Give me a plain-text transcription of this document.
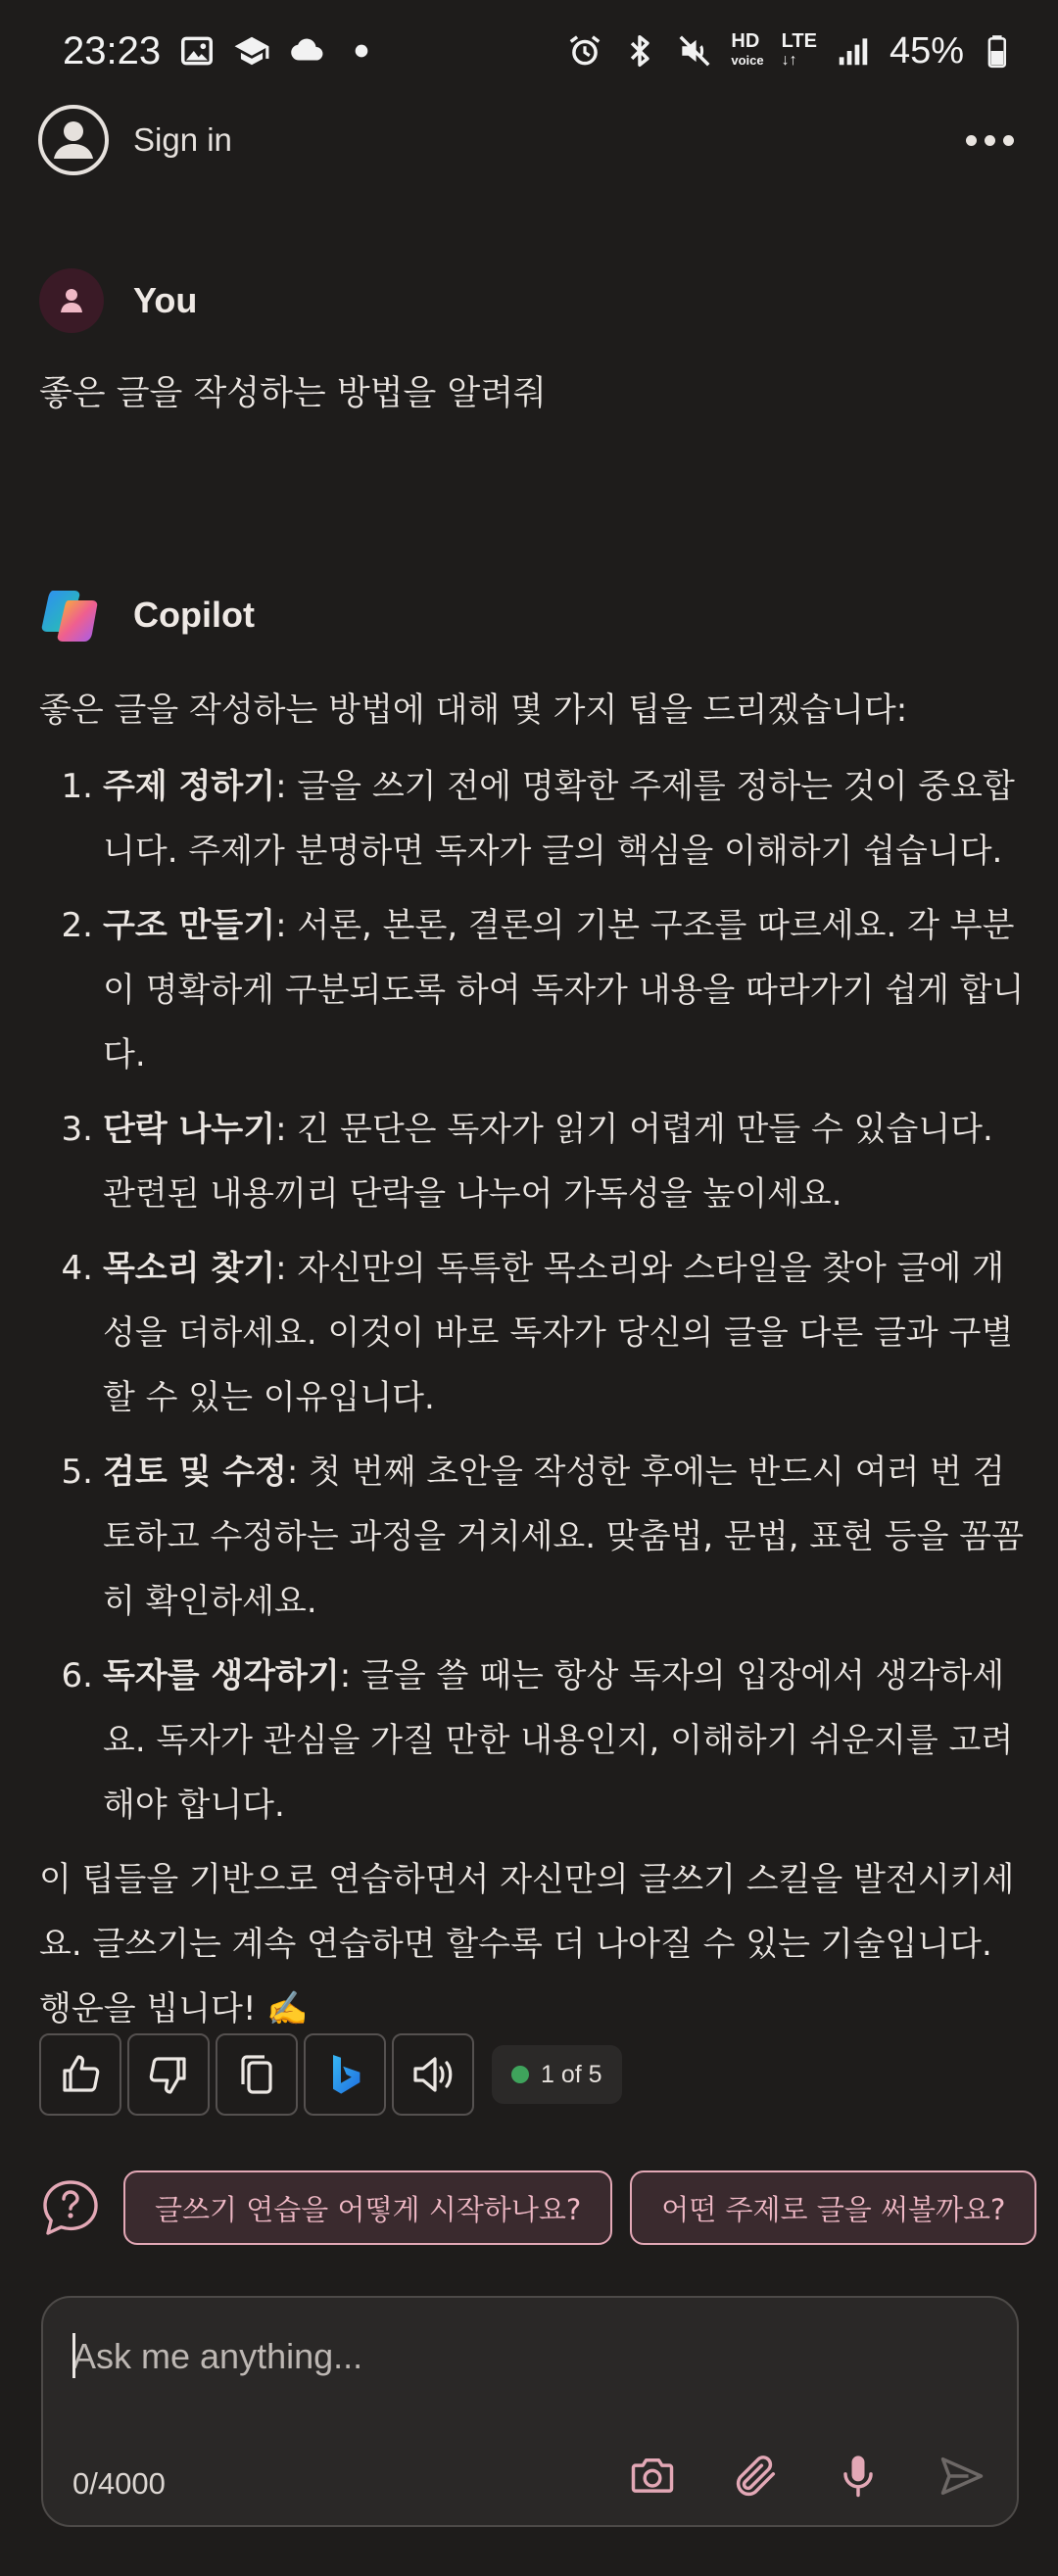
23:23	HD
voice
LTE
↓↑	45%
Sign in
You
좋은 글을 작성하는 방법을 알려줘
Copilot
좋은 글을 작성하는 방법에 대해 몇 가지 팁을 드리겠습니다:
1. 주제 정하기: 글을 쓰기 전에 명확한 주제를 정하는 것이 중요합니다. 주제가 분명하면 독자가 글의 핵심을 이해하기 쉽습니다.
2. 구조 만들기: 서론, 본론, 결론의 기본 구조를 따르세요. 각 부분이 명확하게 구분되도록 하여 독자가 내용을 따라가기 쉽게 합니다.
3. 단락 나누기: 긴 문단은 독자가 읽기 어렵게 만들 수 있습니다. 관련된 내용끼리 단락을 나누어 가독성을 높이세요.
4. 목소리 찾기: 자신만의 독특한 목소리와 스타일을 찾아 글에 개성을 더하세요. 이것이 바로 독자가 당신의 글을 다른 글과 구별할 수 있는 이유입니다.
5. 검토 및 수정: 첫 번째 초안을 작성한 후에는 반드시 여러 번 검토하고 수정하는 과정을 거치세요. 맞춤법, 문법, 표현 등을 꼼꼼히 확인하세요.
6. 독자를 생각하기: 글을 쓸 때는 항상 독자의 입장에서 생각하세요. 독자가 관심을 가질 만한 내용인지, 이해하기 쉬운지를 고려해야 합니다.
이 팁들을 기반으로 연습하면서 자신만의 글쓰기 스킬을 발전시키세요. 글쓰기는 계속 연습하면 할수록 더 나아질 수 있는 기술입니다. 행운을 빕니다! ✍️
1 of 5
글쓰기 연습을 어떻게 시작하나요?	어떤 주제로 글을 써볼까요?
Ask me anything...
0/4000
